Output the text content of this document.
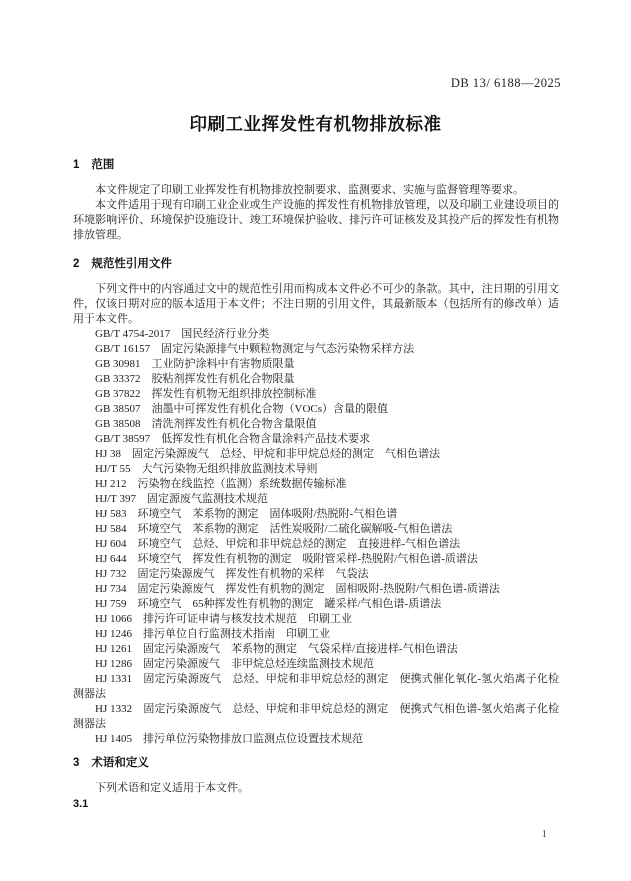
DB 13/ 6188—2025
印刷工业挥发性有机物排放标准
1 范围

本文件规定了印刷工业挥发性有机物排放控制要求、监测要求、实施与监督管理等要求。

本文件适用于现有印刷工业企业或生产设施的挥发性有机物排放管理，以及印刷工业建设项目的环境影响评价、环境保护设施设计、竣工环境保护验收、排污许可证核发及其投产后的挥发性有机物排放管理。

2 规范性引用文件

下列文件中的内容通过文中的规范性引用而构成本文件必不可少的条款。其中，注日期的引用文件，仅该日期对应的版本适用于本文件；不注日期的引用文件，其最新版本（包括所有的修改单）适用于本文件。

GB/T 4754-2017　国民经济行业分类

GB/T 16157　固定污染源排气中颗粒物测定与气态污染物采样方法

GB 30981　工业防护涂料中有害物质限量

GB 33372　胶粘剂挥发性有机化合物限量

GB 37822　挥发性有机物无组织排放控制标准

GB 38507　油墨中可挥发性有机化合物（VOCs）含量的限值

GB 38508　清洗剂挥发性有机化合物含量限值

GB/T 38597　低挥发性有机化合物含量涂料产品技术要求

HJ 38　固定污染源废气　总烃、甲烷和非甲烷总烃的测定　气相色谱法

HJ/T 55　大气污染物无组织排放监测技术导则

HJ 212　污染物在线监控（监测）系统数据传输标准

HJ/T 397　固定源废气监测技术规范

HJ 583　环境空气　苯系物的测定　固体吸附/热脱附-气相色谱

HJ 584　环境空气　苯系物的测定　活性炭吸附/二硫化碳解吸-气相色谱法

HJ 604　环境空气　总烃、甲烷和非甲烷总烃的测定　直接进样-气相色谱法

HJ 644　环境空气　挥发性有机物的测定　吸附管采样-热脱附/气相色谱-质谱法

HJ 732　固定污染源废气　挥发性有机物的采样　气袋法

HJ 734　固定污染源废气　挥发性有机物的测定　固相吸附-热脱附/气相色谱-质谱法

HJ 759　环境空气　65种挥发性有机物的测定　罐采样/气相色谱-质谱法

HJ 1066　排污许可证申请与核发技术规范　印刷工业

HJ 1246　排污单位自行监测技术指南　印刷工业

HJ 1261　固定污染源废气　苯系物的测定　气袋采样/直接进样-气相色谱法

HJ 1286　固定污染源废气　非甲烷总烃连续监测技术规范

HJ 1331　固定污染源废气　总烃、甲烷和非甲烷总烃的测定　便携式催化氧化-氢火焰离子化检测器法

HJ 1332　固定污染源废气　总烃、甲烷和非甲烷总烃的测定　便携式气相色谱-氢火焰离子化检测器法

HJ 1405　排污单位污染物排放口监测点位设置技术规范

3 术语和定义

下列术语和定义适用于本文件。

3.1
1
